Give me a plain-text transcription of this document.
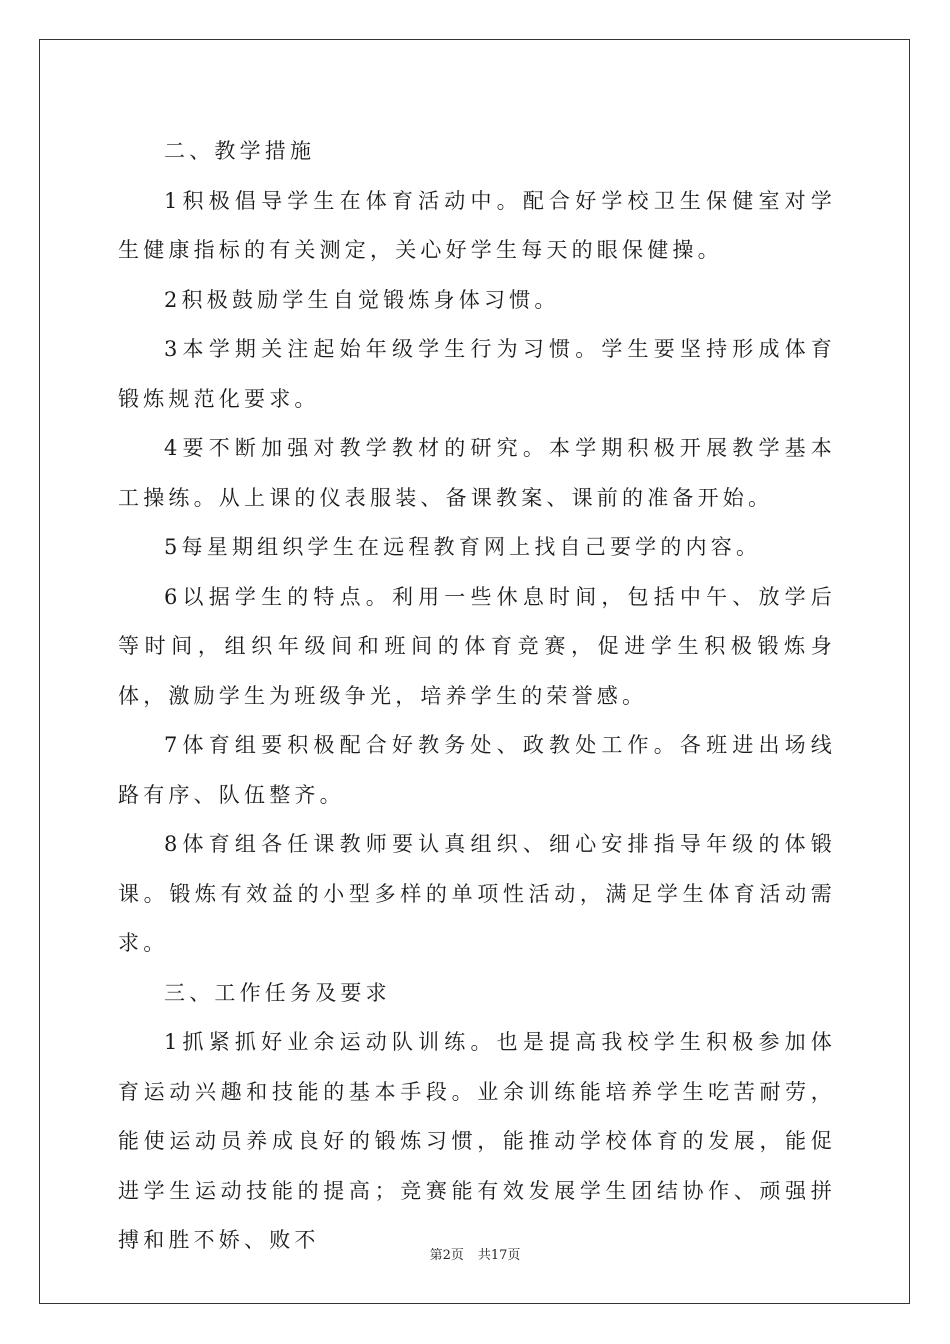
二、教学措施

1积极倡导学生在体育活动中。配合好学校卫生保健室对学生健康指标的有关测定，关心好学生每天的眼保健操。

2积极鼓励学生自觉锻炼身体习惯。

3本学期关注起始年级学生行为习惯。学生要坚持形成体育锻炼规范化要求。

4要不断加强对教学教材的研究。本学期积极开展教学基本工操练。从上课的仪表服装、备课教案、课前的准备开始。

5每星期组织学生在远程教育网上找自己要学的内容。

6以据学生的特点。利用一些休息时间，包括中午、放学后等时间，组织年级间和班间的体育竞赛，促进学生积极锻炼身体，激励学生为班级争光，培养学生的荣誉感。

7体育组要积极配合好教务处、政教处工作。各班进出场线路有序、队伍整齐。

8体育组各任课教师要认真组织、细心安排指导年级的体锻课。锻炼有效益的小型多样的单项性活动，满足学生体育活动需求。

三、工作任务及要求

1抓紧抓好业余运动队训练。也是提高我校学生积极参加体育运动兴趣和技能的基本手段。业余训练能培养学生吃苦耐劳，能使运动员养成良好的锻炼习惯，能推动学校体育的发展，能促进学生运动技能的提高；竞赛能有效发展学生团结协作、顽强拼搏和胜不娇、败不

第2页 共17页
